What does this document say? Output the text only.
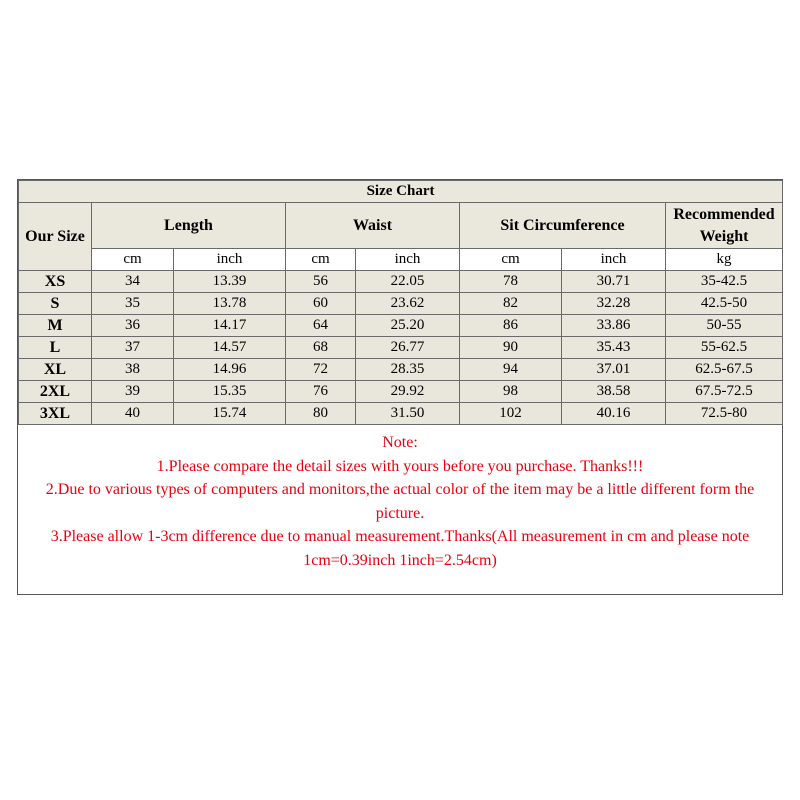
Size Chart							
Our Size	Length		Waist		Sit Circumference		Recommended Weight
	cm	inch	cm	inch	cm	inch	kg
XS	34	13.39	56	22.05	78	30.71	35-42.5
S	35	13.78	60	23.62	82	32.28	42.5-50
M	36	14.17	64	25.20	86	33.86	50-55
L	37	14.57	68	26.77	90	35.43	55-62.5
XL	38	14.96	72	28.35	94	37.01	62.5-67.5
2XL	39	15.35	76	29.92	98	38.58	67.5-72.5
3XL	40	15.74	80	31.50	102	40.16	72.5-80
Note:
1.Please compare the detail sizes with yours before you purchase. Thanks!!!
2.Due to various types of computers and monitors,the actual color of the item may be a little different form the picture.
3.Please allow 1-3cm difference due to manual measurement.Thanks(All measurement in cm and please note 1cm=0.39inch 1inch=2.54cm)
